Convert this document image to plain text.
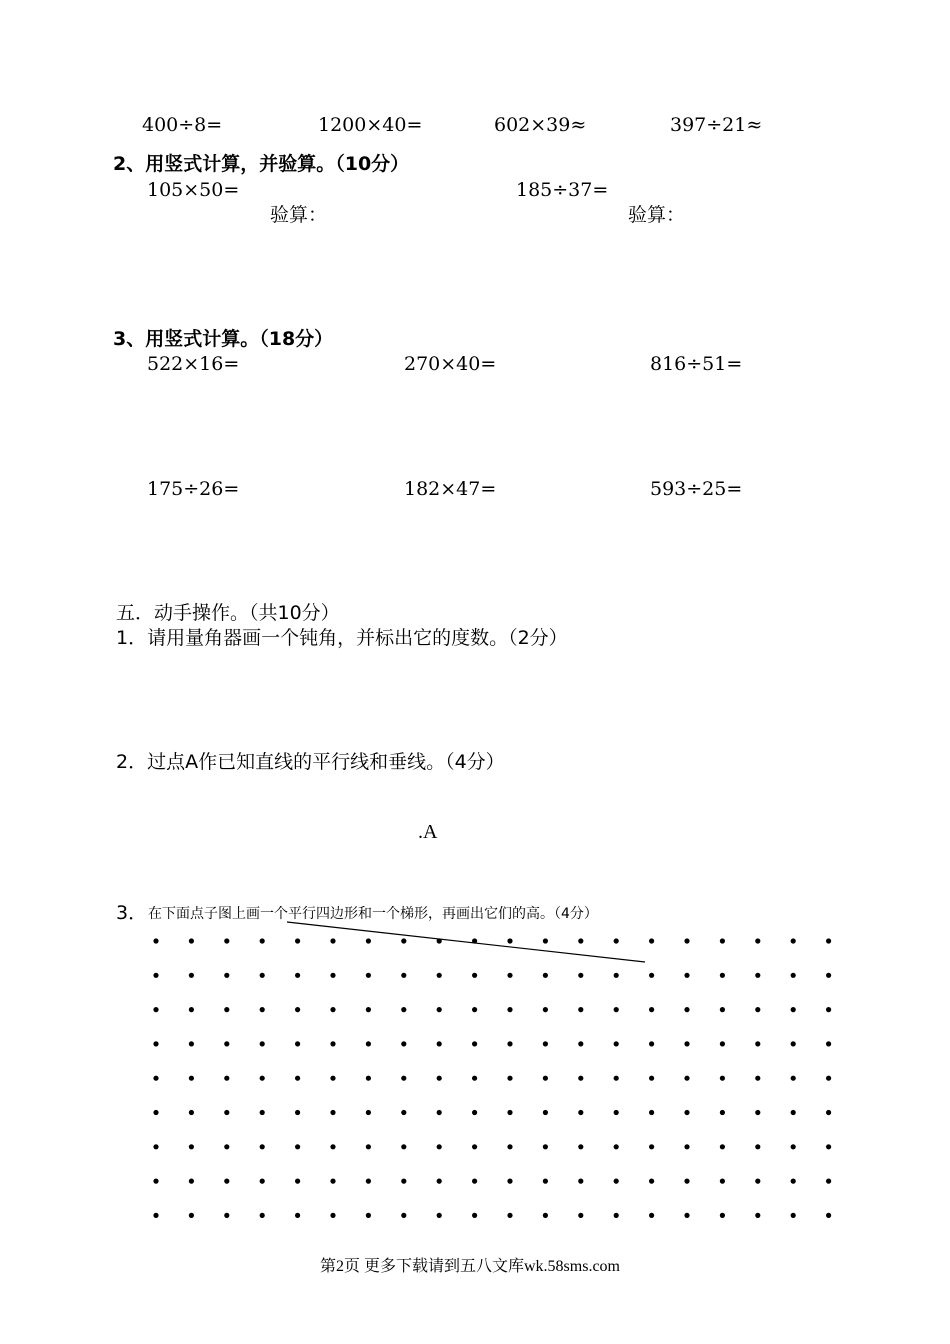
400÷8=	1200×40=	602×39≈	397÷21≈
2、用竖式计算，并验算。（10分）
105×50=	185÷37=
验算：	验算：
3、用竖式计算。（18分）
522×16=	270×40=	816÷51=
175÷26=	182×47=	593÷25=
五．动手操作。（共10分）
1．请用量角器画一个钝角，并标出它的度数。（2分）
2．过点A作已知直线的平行线和垂线。（4分）
.A
3． 在下面点子图上画一个平行四边形和一个梯形，再画出它们的高。（4分）
第2页 更多下载请到五八文库wk.58sms.com
